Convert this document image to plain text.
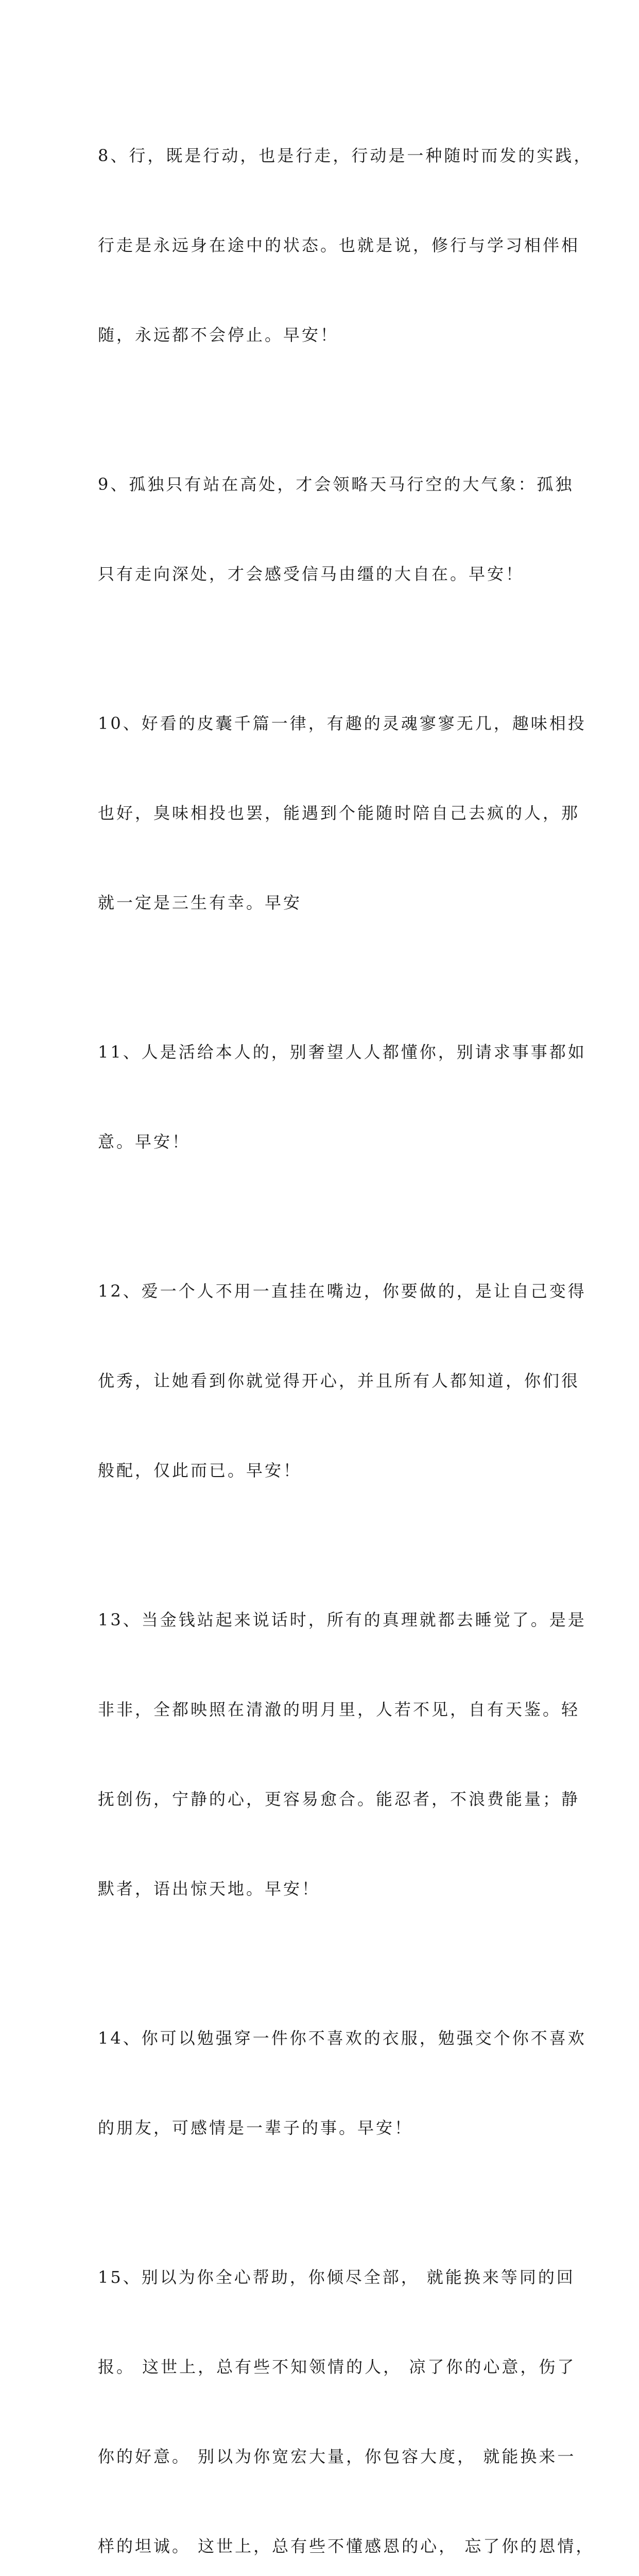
8、行，既是行动，也是行走，行动是一种随时而发的实践，

行走是永远身在途中的状态。也就是说，修行与学习相伴相

随，永远都不会停止。早安！

9、孤独只有站在高处，才会领略天马行空的大气象：孤独

只有走向深处，才会感受信马由缰的大自在。早安！

10、好看的皮囊千篇一律，有趣的灵魂寥寥无几，趣味相投

也好，臭味相投也罢，能遇到个能随时陪自己去疯的人，那

就一定是三生有幸。早安

11、人是活给本人的，别奢望人人都懂你，别请求事事都如

意。早安！

12、爱一个人不用一直挂在嘴边，你要做的，是让自己变得

优秀，让她看到你就觉得开心，并且所有人都知道，你们很

般配，仅此而已。早安！

13、当金钱站起来说话时，所有的真理就都去睡觉了。是是

非非，全都映照在清澈的明月里，人若不见，自有天鉴。轻

抚创伤，宁静的心，更容易愈合。能忍者，不浪费能量；静

默者，语出惊天地。早安！

14、你可以勉强穿一件你不喜欢的衣服，勉强交个你不喜欢

的朋友，可感情是一辈子的事。早安！

15、别以为你全心帮助，你倾尽全部， 就能换来等同的回

报。 这世上，总有些不知领情的人， 凉了你的心意，伤了

你的好意。 别以为你宽宏大量，你包容大度， 就能换来一

样的坦诚。 这世上，总有些不懂感恩的心， 忘了你的恩情，
